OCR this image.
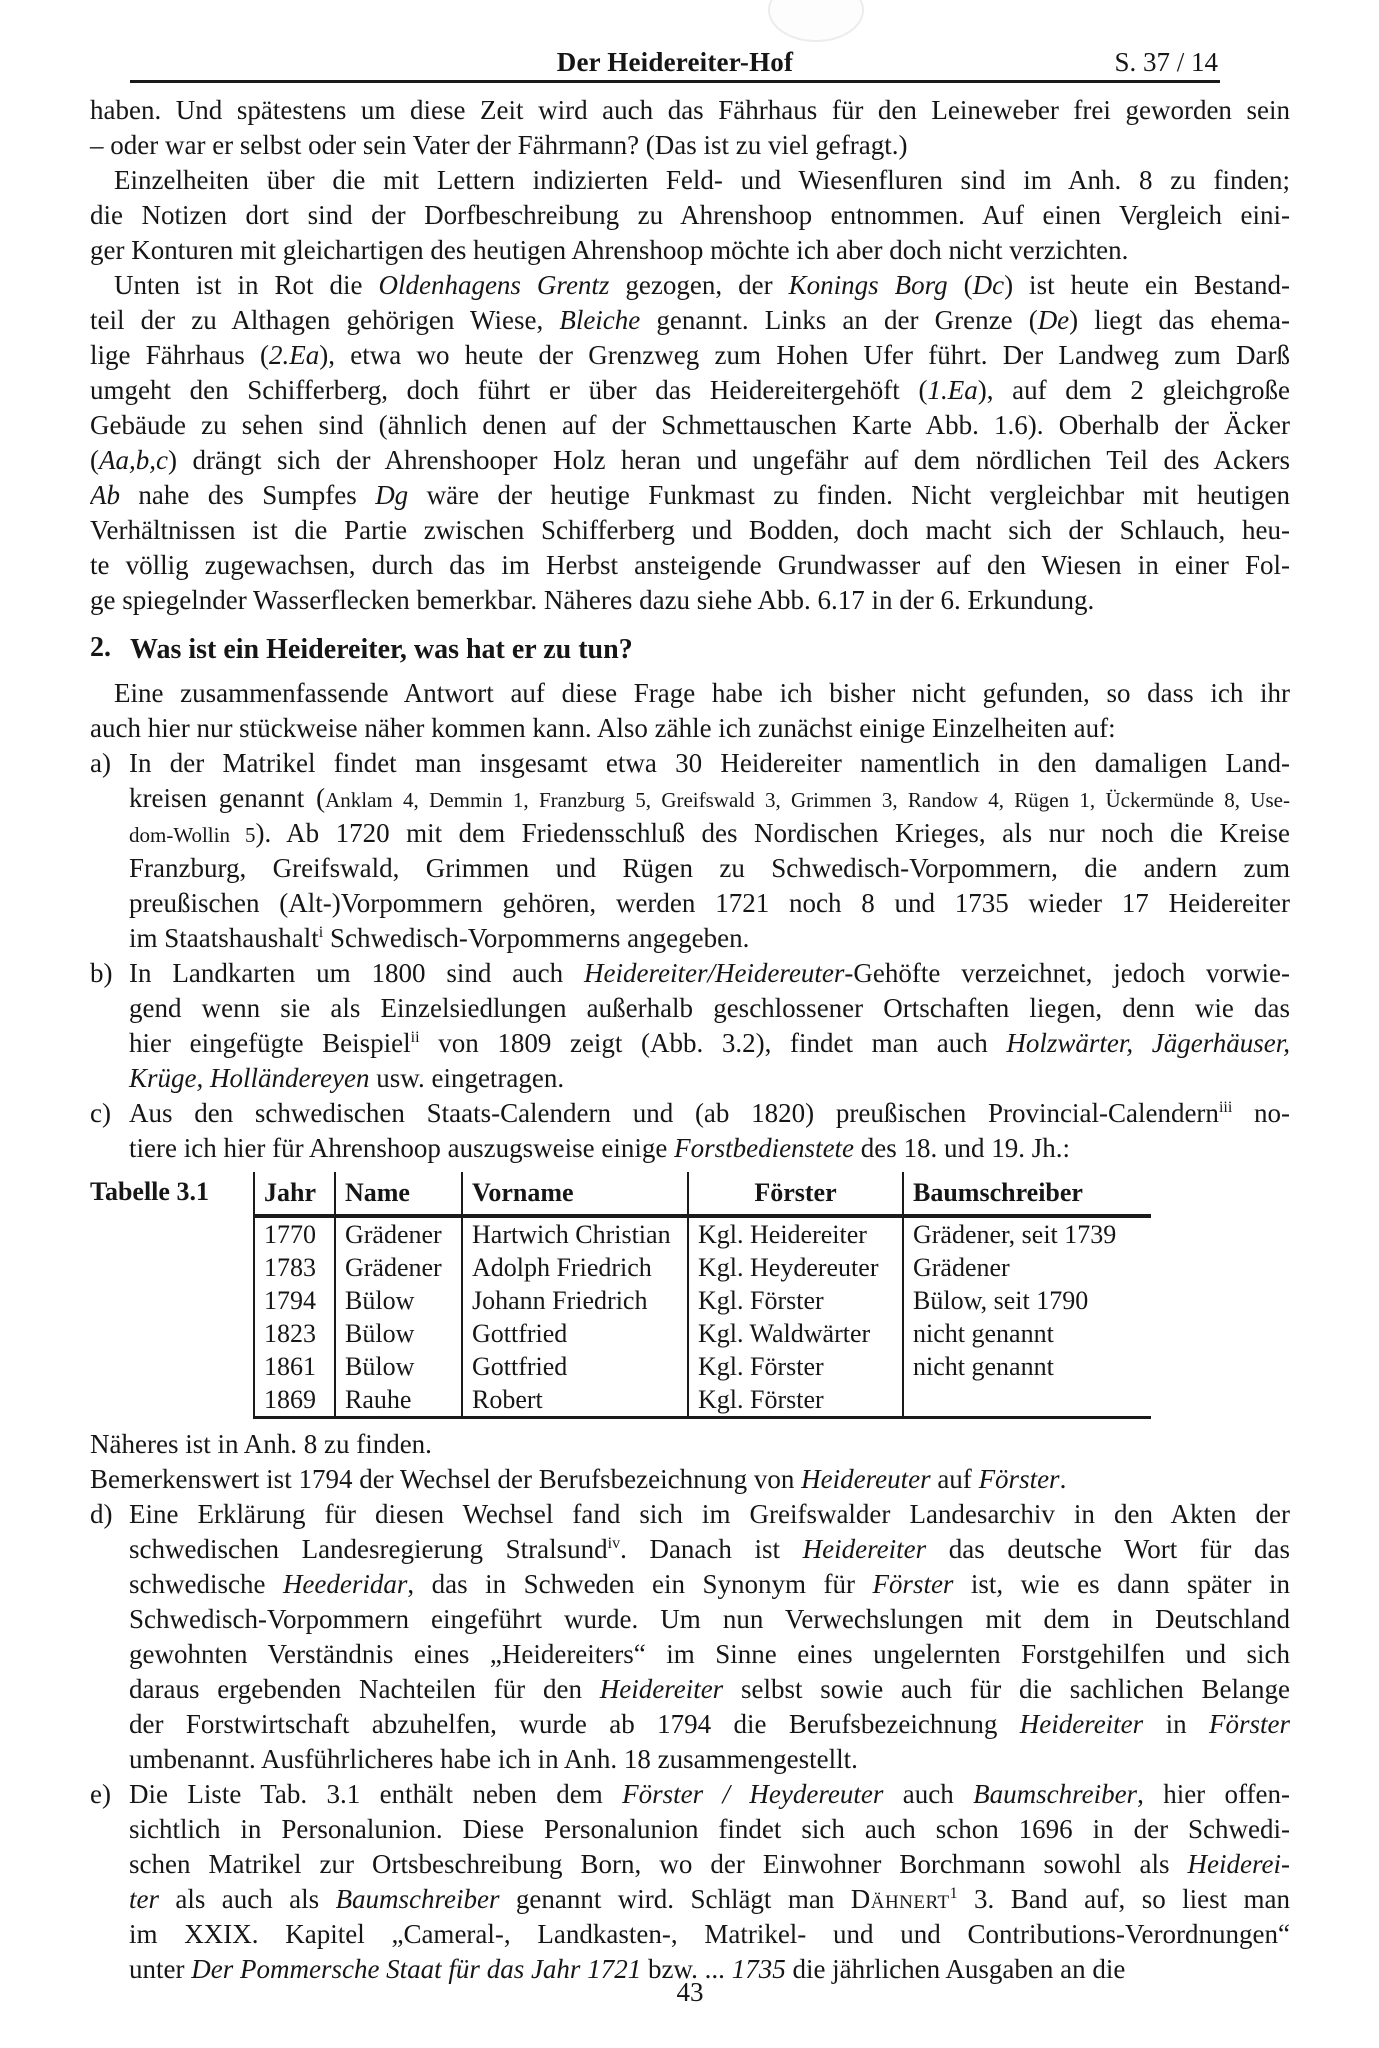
Der Heidereiter-Hof	S. 37 / 14
haben. Und spätestens um diese Zeit wird auch das Fährhaus für den Leineweber frei geworden sein
– oder war er selbst oder sein Vater der Fährmann? (Das ist zu viel gefragt.)
Einzelheiten über die mit Lettern indizierten Feld- und Wiesenfluren sind im Anh. 8 zu finden;
die Notizen dort sind der Dorfbeschreibung zu Ahrenshoop entnommen. Auf einen Vergleich eini-
ger Konturen mit gleichartigen des heutigen Ahrenshoop möchte ich aber doch nicht verzichten.
Unten ist in Rot die Oldenhagens Grentz gezogen, der Konings Borg (Dc) ist heute ein Bestand-
teil der zu Althagen gehörigen Wiese, Bleiche genannt. Links an der Grenze (De) liegt das ehema-
lige Fährhaus (2.Ea), etwa wo heute der Grenzweg zum Hohen Ufer führt. Der Landweg zum Darß
umgeht den Schifferberg, doch führt er über das Heidereitergehöft (1.Ea), auf dem 2 gleichgroße
Gebäude zu sehen sind (ähnlich denen auf der Schmettauschen Karte Abb. 1.6). Oberhalb der Äcker
(Aa,b,c) drängt sich der Ahrenshooper Holz heran und ungefähr auf dem nördlichen Teil des Ackers
Ab nahe des Sumpfes Dg wäre der heutige Funkmast zu finden. Nicht vergleichbar mit heutigen
Verhältnissen ist die Partie zwischen Schifferberg und Bodden, doch macht sich der Schlauch, heu-
te völlig zugewachsen, durch das im Herbst ansteigende Grundwasser auf den Wiesen in einer Fol-
ge spiegelnder Wasserflecken bemerkbar. Näheres dazu siehe Abb. 6.17 in der 6. Erkundung.
2. Was ist ein Heidereiter, was hat er zu tun?
Eine zusammenfassende Antwort auf diese Frage habe ich bisher nicht gefunden, so dass ich ihr
auch hier nur stückweise näher kommen kann. Also zähle ich zunächst einige Einzelheiten auf:
a) In der Matrikel findet man insgesamt etwa 30 Heidereiter namentlich in den damaligen Land-
kreisen genannt (Anklam 4, Demmin 1, Franzburg 5, Greifswald 3, Grimmen 3, Randow 4, Rügen 1, Ückermünde 8, Use-
dom-Wollin 5). Ab 1720 mit dem Friedensschluß des Nordischen Krieges, als nur noch die Kreise
Franzburg, Greifswald, Grimmen und Rügen zu Schwedisch-Vorpommern, die andern zum
preußischen (Alt-)Vorpommern gehören, werden 1721 noch 8 und 1735 wieder 17 Heidereiter
im Staatshaushalt$^i$ Schwedisch-Vorpommerns angegeben.
b) In Landkarten um 1800 sind auch Heidereiter/Heidereuter-Gehöfte verzeichnet, jedoch vorwie-
gend wenn sie als Einzelsiedlungen außerhalb geschlossener Ortschaften liegen, denn wie das
hier eingefügte Beispiel$^{ii}$ von 1809 zeigt (Abb. 3.2), findet man auch Holzwärter, Jägerhäuser,
Krüge, Holländereyen usw. eingetragen.
c) Aus den schwedischen Staats-Calendern und (ab 1820) preußischen Provincial-Calendern$^{iii}$ no-
tiere ich hier für Ahrenshoop auszugsweise einige Forstbedienstete des 18. und 19. Jh.:
Tabelle 3.1	Jahr	Name	Vorname	Förster	Baumschreiber
1770	Grädener	Hartwich Christian	Kgl. Heidereiter	Grädener, seit 1739
1783	Grädener	Adolph Friedrich	Kgl. Heydereuter	Grädener
1794	Bülow	Johann Friedrich	Kgl. Förster	Bülow, seit 1790
1823	Bülow	Gottfried	Kgl. Waldwärter	nicht genannt
1861	Bülow	Gottfried	Kgl. Förster	nicht genannt
1869	Rauhe	Robert	Kgl. Förster	
Näheres ist in Anh. 8 zu finden.
Bemerkenswert ist 1794 der Wechsel der Berufsbezeichnung von Heidereuter auf Förster.
d) Eine Erklärung für diesen Wechsel fand sich im Greifswalder Landesarchiv in den Akten der
schwedischen Landesregierung Stralsund$^{iv}$. Danach ist Heidereiter das deutsche Wort für das
schwedische Heederidar, das in Schweden ein Synonym für Förster ist, wie es dann später in
Schwedisch-Vorpommern eingeführt wurde. Um nun Verwechslungen mit dem in Deutschland
gewohnten Verständnis eines „Heidereiters“ im Sinne eines ungelernten Forstgehilfen und sich
daraus ergebenden Nachteilen für den Heidereiter selbst sowie auch für die sachlichen Belange
der Forstwirtschaft abzuhelfen, wurde ab 1794 die Berufsbezeichnung Heidereiter in Förster
umbenannt. Ausführlicheres habe ich in Anh. 18 zusammengestellt.
e) Die Liste Tab. 3.1 enthält neben dem Förster / Heydereuter auch Baumschreiber, hier offen-
sichtlich in Personalunion. Diese Personalunion findet sich auch schon 1696 in der Schwedi-
schen Matrikel zur Ortsbeschreibung Born, wo der Einwohner Borchmann sowohl als Heiderei-
ter als auch als Baumschreiber genannt wird. Schlägt man Dähnert$^1$ 3. Band auf, so liest man
im XXIX. Kapitel „Cameral-, Landkasten-, Matrikel- und und Contributions-Verordnungen“
unter Der Pommersche Staat für das Jahr 1721 bzw. ... 1735 die jährlichen Ausgaben an die
43
